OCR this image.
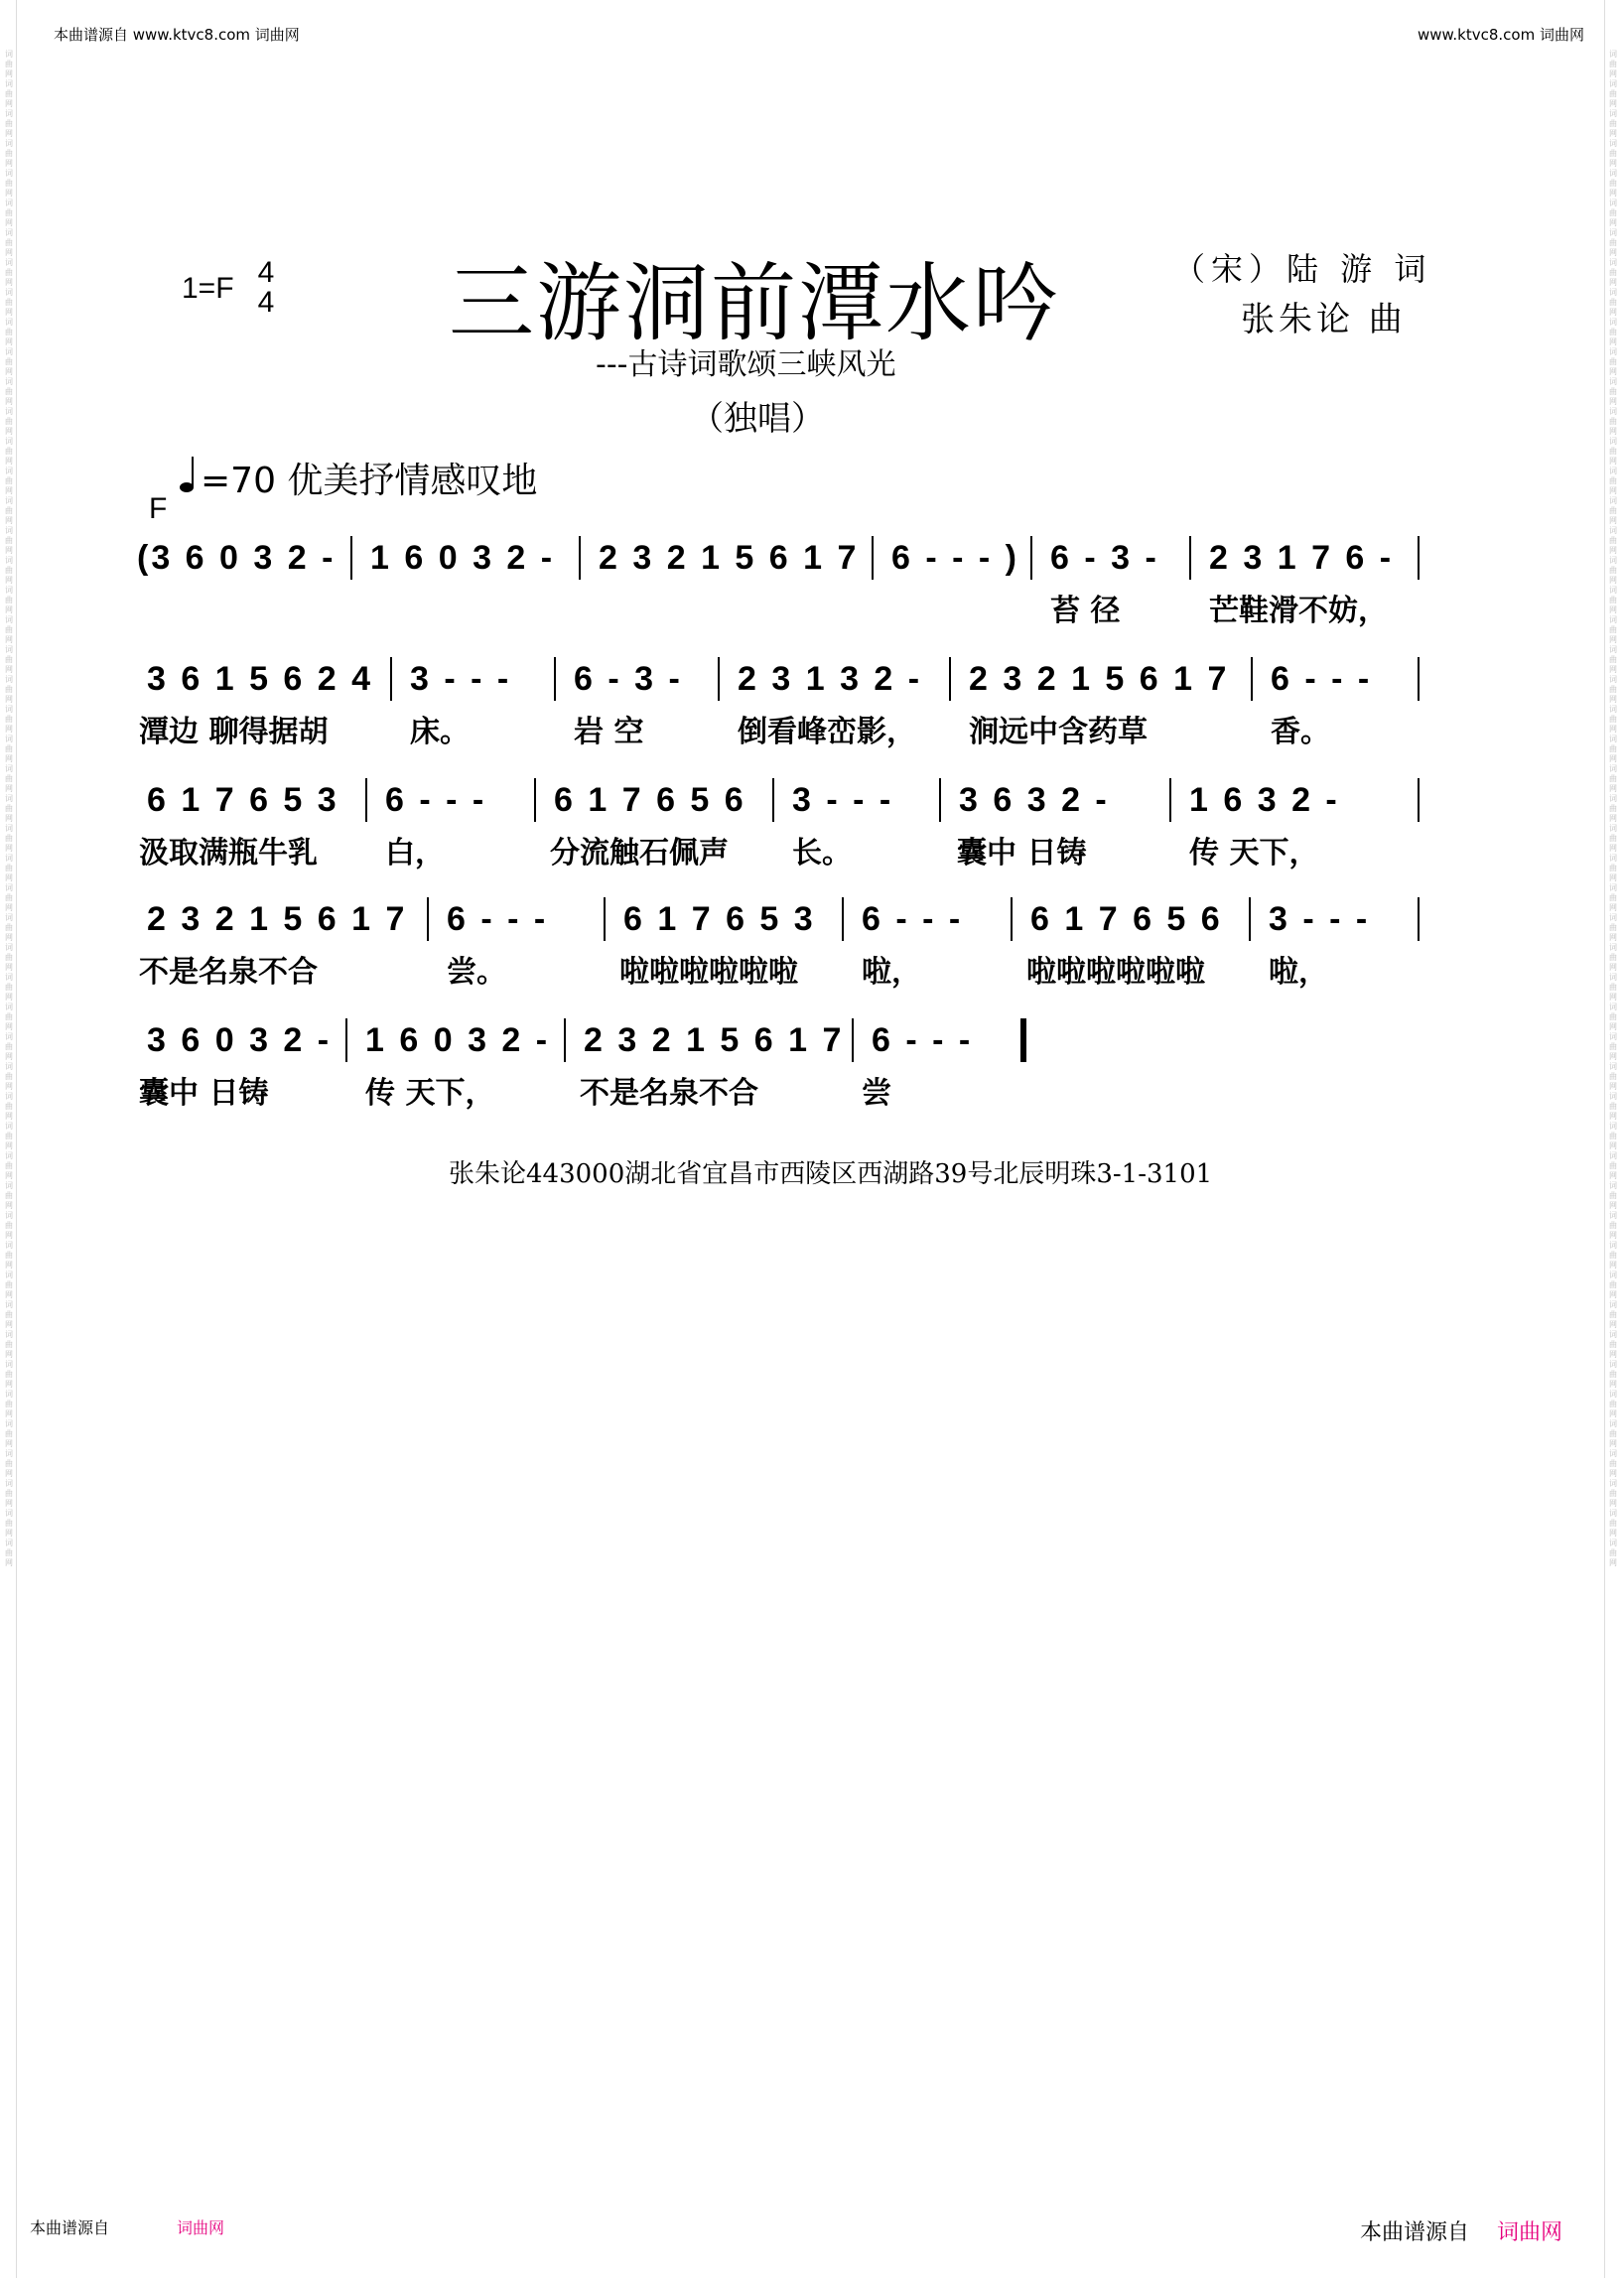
词曲网词曲网词曲网词曲网词曲网词曲网词曲网词曲网词曲网词曲网词曲网词曲网词曲网词曲网词曲网词曲网词曲网词曲网词曲网词曲网词曲网词曲网词曲网词曲网词曲网词曲网词曲网词曲网词曲网词曲网词曲网词曲网词曲网词曲网词曲网词曲网词曲网词曲网词曲网词曲网词曲网词曲网词曲网词曲网词曲网词曲网词曲网词曲网词曲网词曲网词曲网
词曲网词曲网词曲网词曲网词曲网词曲网词曲网词曲网词曲网词曲网词曲网词曲网词曲网词曲网词曲网词曲网词曲网词曲网词曲网词曲网词曲网词曲网词曲网词曲网词曲网词曲网词曲网词曲网词曲网词曲网词曲网词曲网词曲网词曲网词曲网词曲网词曲网词曲网词曲网词曲网词曲网词曲网词曲网词曲网词曲网词曲网词曲网词曲网词曲网词曲网词曲网
本曲谱源自 www.ktvc8.com 词曲网	www.ktvc8.com 词曲网
1=F 4
4 三游洞前潭水吟	（宋）陆 游 词
张朱论 曲
---古诗词歌颂三峡风光
（独唱）
=70 优美抒情感叹地
F
(3 6 0 3 2 - 1 6 0 3 2 - 2 3 2 1 5 6 1 7 6 - - - ) 6 - 3 - 2 3 1 7 6 -
苔 径	芒鞋滑不妨，
3 6 1 5 6 2 4 3 - - - 6 - 3 - 2 3 1 3 2 - 2 3 2 1 5 6 1 7 6 - - -
潭边 聊得据胡	床。	岩 空	倒看峰峦影， 涧远中含药草	香。
6 1 7 6 5 3 6 - - - 6 1 7 6 5 6 3 - - - 3 6 3 2 - 1 6 3 2 -
汲取满瓶牛乳 白，	分流触石佩声 长。	囊中 日铸	传 天下，
2 3 2 1 5 6 1 7 6 - - - 6 1 7 6 5 3 6 - - - 6 1 7 6 5 6 3 - - -
不是名泉不合	尝。	啦啦啦啦啦啦 啦，	啦啦啦啦啦啦 啦，
3 6 0 3 2 - 1 6 0 3 2 - 2 3 2 1 5 6 1 7 6 - - -
囊中 日铸	传 天下，	不是名泉不合	尝
张朱论443000湖北省宜昌市西陵区西湖路39号北辰明珠3-1-3101
本曲谱源自	词曲网	本曲谱源自 词曲网
